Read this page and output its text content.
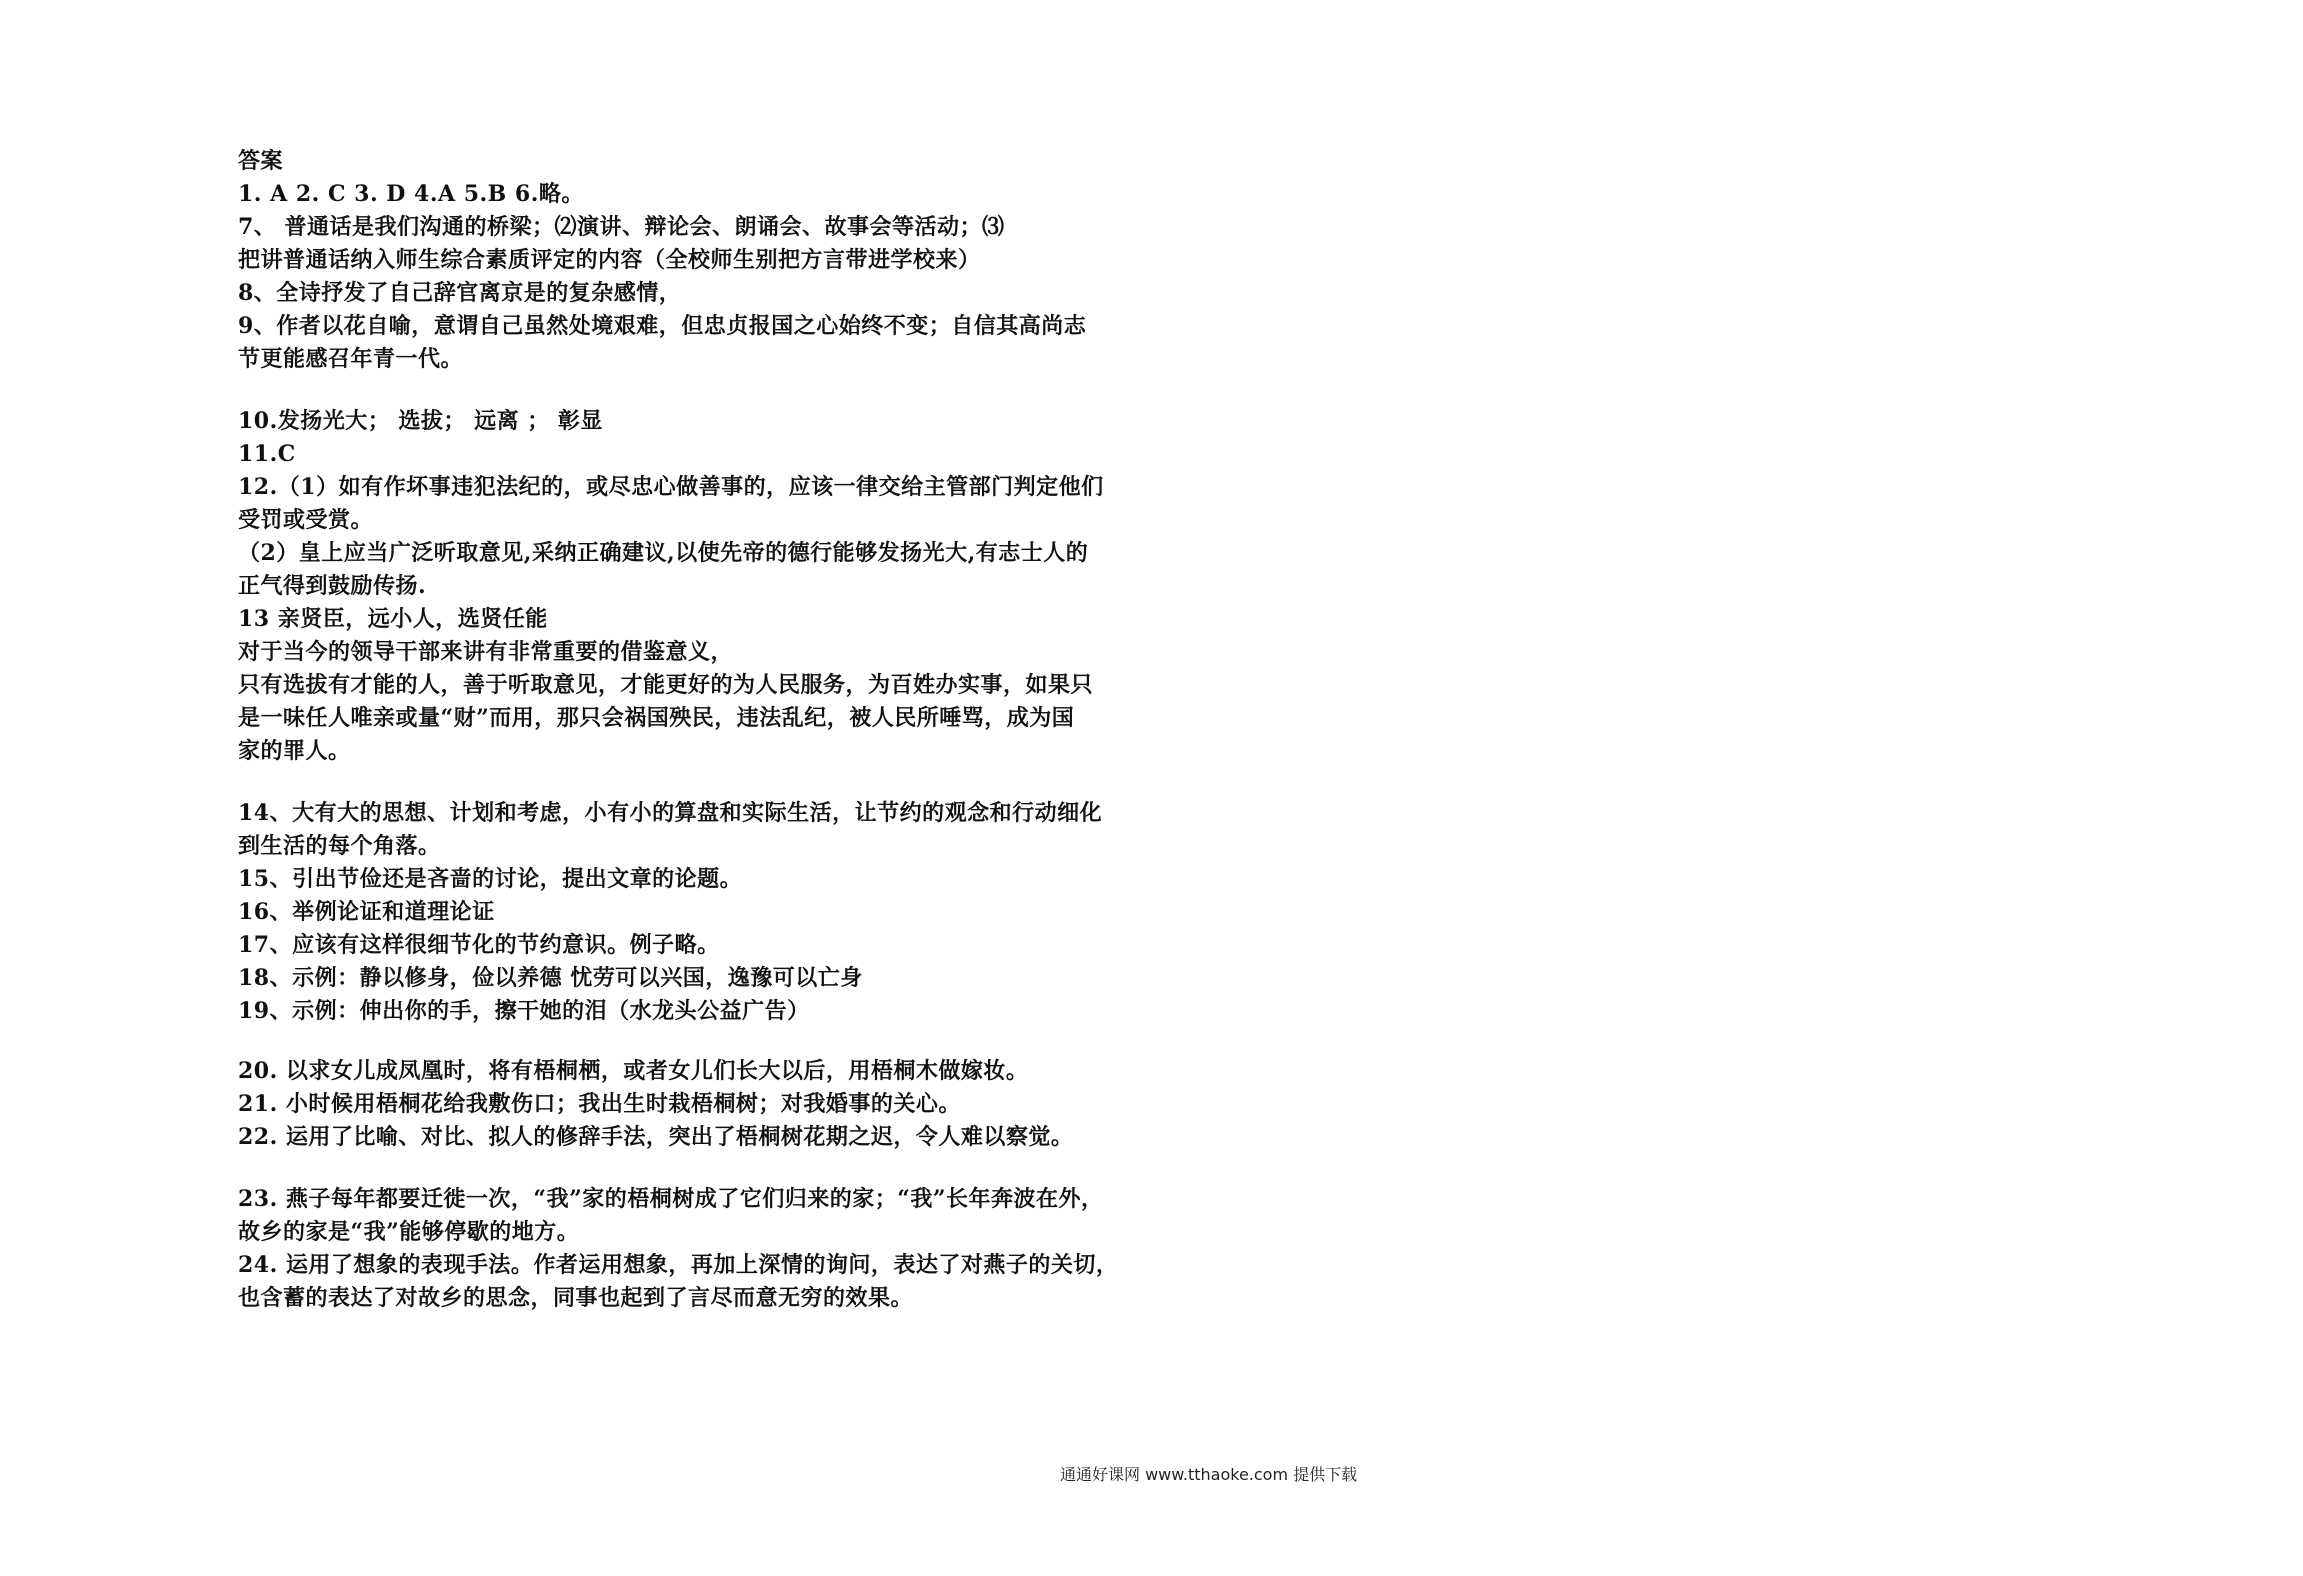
答案
1. A 2. C 3. D 4.A 5.B 6.略。
7、 普通话是我们沟通的桥梁；⑵演讲、辩论会、朗诵会、故事会等活动；⑶
把讲普通话纳入师生综合素质评定的内容（全校师生别把方言带进学校来）
8、全诗抒发了自己辞官离京是的复杂感情，
9、作者以花自喻，意谓自己虽然处境艰难，但忠贞报国之心始终不变；自信其高尚志
节更能感召年青一代。
10.发扬光大； 选拔； 远离 ； 彰显
11.C
12.（1）如有作坏事违犯法纪的，或尽忠心做善事的，应该一律交给主管部门判定他们
受罚或受赏。
（2）皇上应当广泛听取意见,采纳正确建议,以使先帝的德行能够发扬光大,有志士人的
正气得到鼓励传扬.
13 亲贤臣，远小人，选贤任能
对于当今的领导干部来讲有非常重要的借鉴意义，
只有选拔有才能的人，善于听取意见，才能更好的为人民服务，为百姓办实事，如果只
是一味任人唯亲或量“财”而用，那只会祸国殃民，违法乱纪，被人民所唾骂，成为国
家的罪人。
14、大有大的思想、计划和考虑，小有小的算盘和实际生活，让节约的观念和行动细化
到生活的每个角落。
15、引出节俭还是吝啬的讨论，提出文章的论题。
16、举例论证和道理论证
17、应该有这样很细节化的节约意识。例子略。
18、示例：静以修身，俭以养德 忧劳可以兴国，逸豫可以亡身
19、示例：伸出你的手，擦干她的泪（水龙头公益广告）
20. 以求女儿成凤凰时，将有梧桐栖，或者女儿们长大以后，用梧桐木做嫁妆。
21. 小时候用梧桐花给我敷伤口；我出生时栽梧桐树；对我婚事的关心。
22. 运用了比喻、对比、拟人的修辞手法，突出了梧桐树花期之迟，令人难以察觉。
23. 燕子每年都要迁徙一次，“我”家的梧桐树成了它们归来的家；“我”长年奔波在外，
故乡的家是“我”能够停歇的地方。
24. 运用了想象的表现手法。作者运用想象，再加上深情的询问，表达了对燕子的关切，
也含蓄的表达了对故乡的思念，同事也起到了言尽而意无穷的效果。
通通好课网 www.tthaoke.com 提供下载
